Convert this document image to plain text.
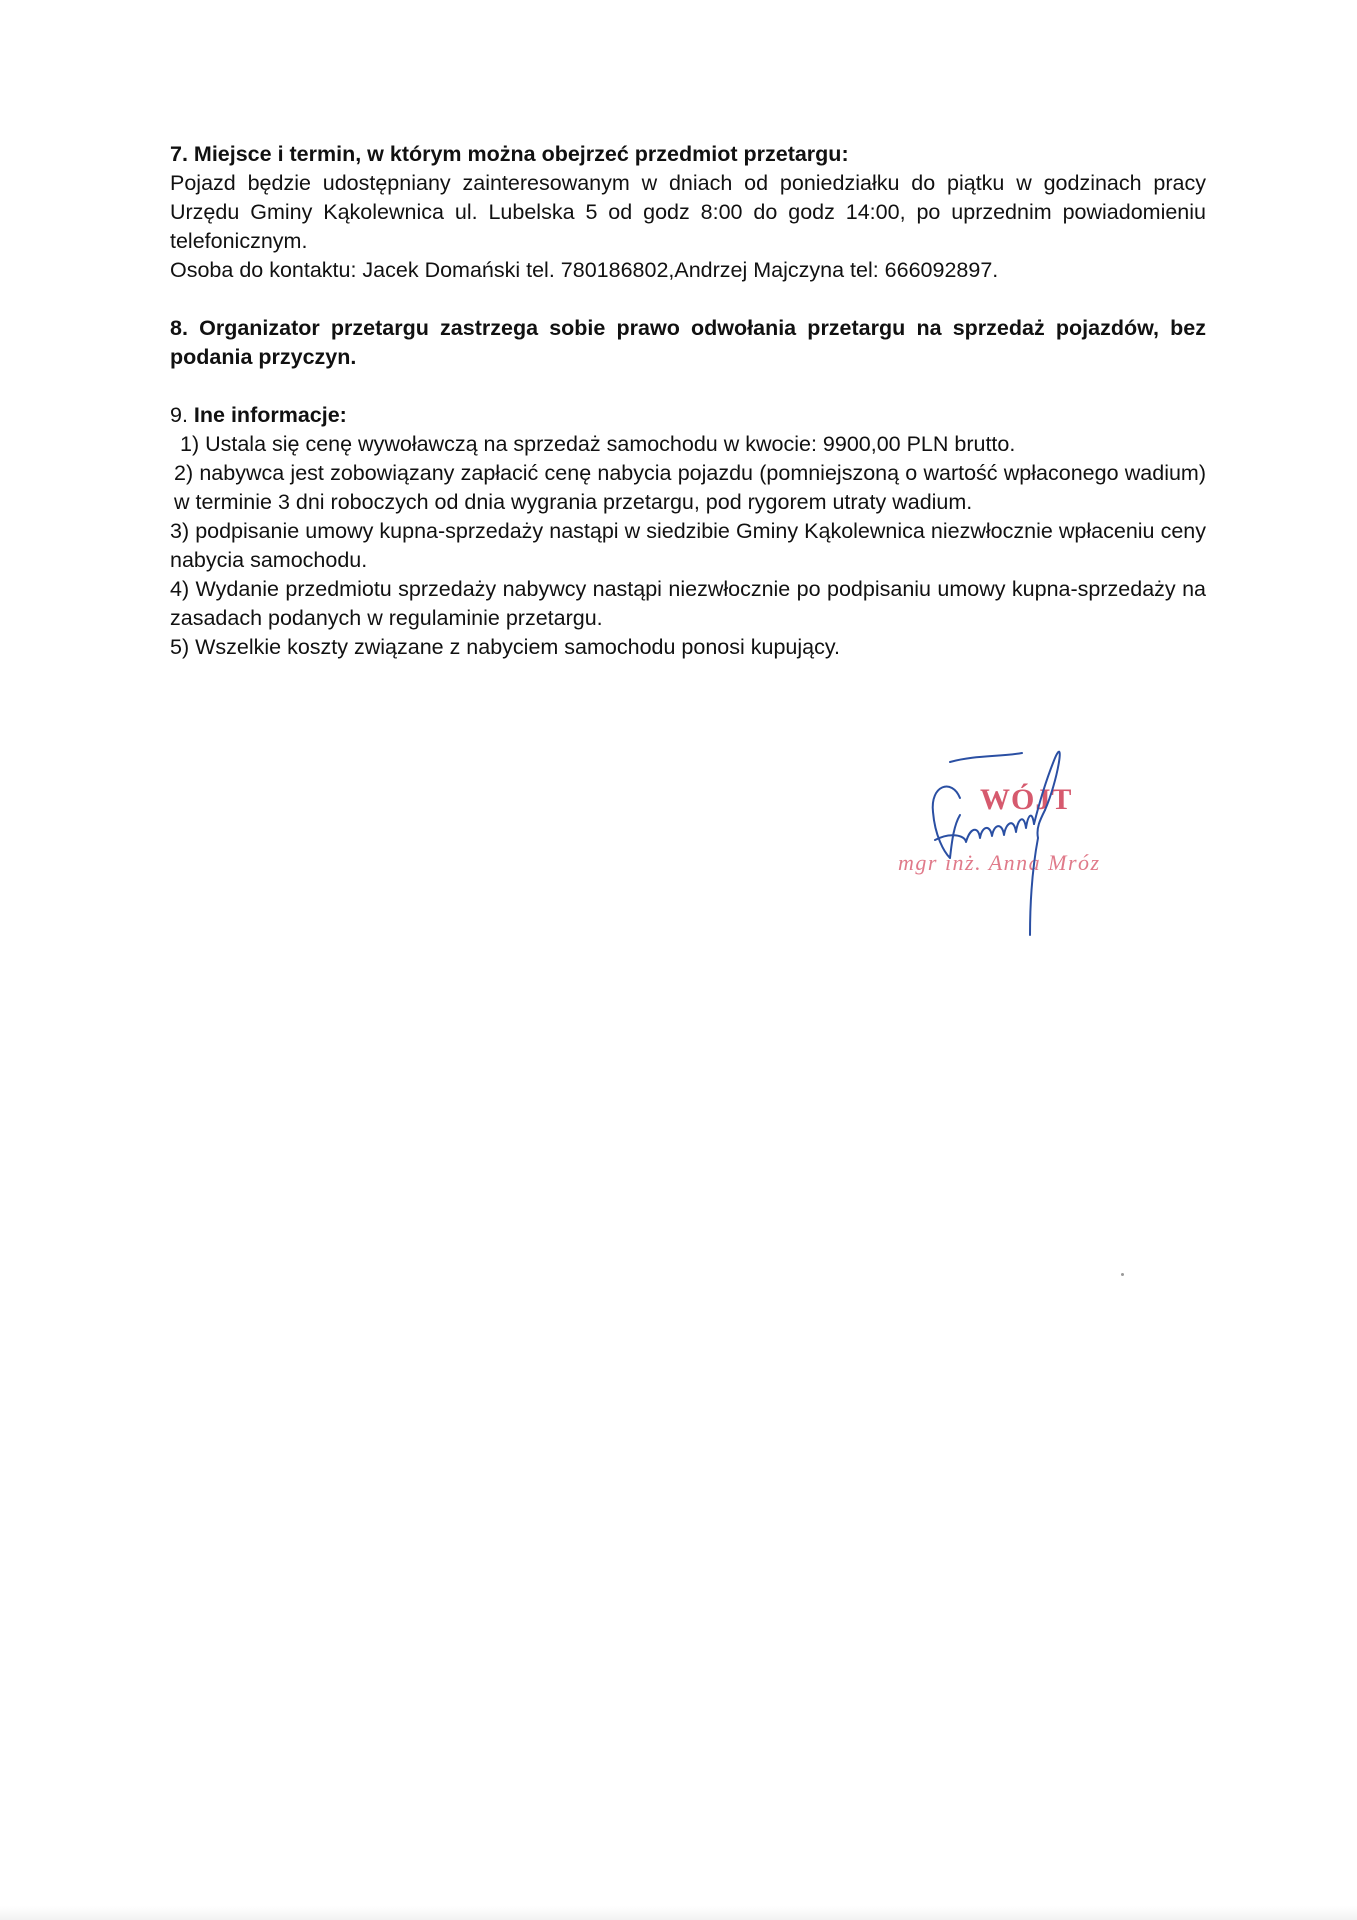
7. Miejsce i termin, w którym można obejrzeć przedmiot przetargu:

Pojazd będzie udostępniany zainteresowanym w dniach od poniedziałku do piątku w godzinach pracy Urzędu Gminy Kąkolewnica ul. Lubelska 5 od godz 8:00 do godz 14:00, po uprzednim powiadomieniu telefonicznym.

Osoba do kontaktu: Jacek Domański tel. 780186802,Andrzej Majczyna tel: 666092897.

8. Organizator przetargu zastrzega sobie prawo odwołania przetargu na sprzedaż pojazdów, bez podania przyczyn.

9. Ine informacje:

1) Ustala się cenę wywoławczą na sprzedaż samochodu w kwocie: 9900,00 PLN brutto.

2) nabywca jest zobowiązany zapłacić cenę nabycia pojazdu (pomniejszoną o wartość wpłaconego wadium) w terminie 3 dni roboczych od dnia wygrania przetargu, pod rygorem utraty wadium.

3) podpisanie umowy kupna-sprzedaży nastąpi w siedzibie Gminy Kąkolewnica niezwłocznie wpłaceniu ceny nabycia samochodu.

4) Wydanie przedmiotu sprzedaży nabywcy nastąpi niezwłocznie po podpisaniu umowy kupna-sprzedaży na zasadach podanych w regulaminie przetargu.

5) Wszelkie koszty związane z nabyciem samochodu ponosi kupujący.

WÓJT
mgr inż. Anna Mróz
